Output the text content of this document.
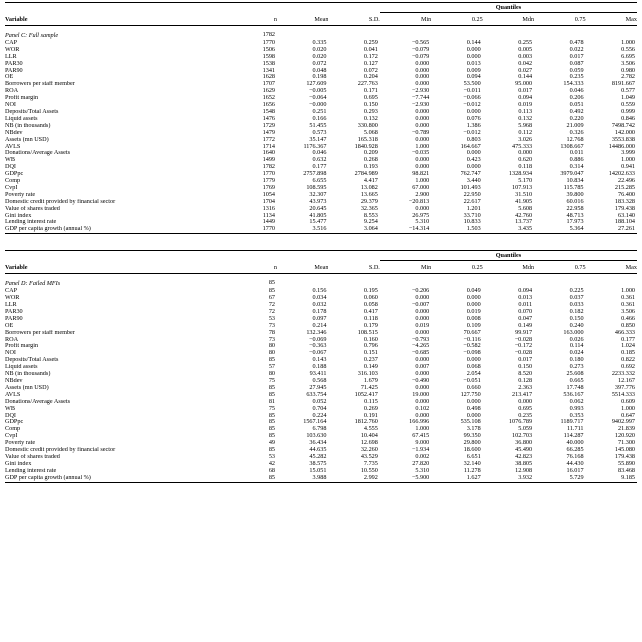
				Quantiles				
Variable	n	Mean	S.D.	Min	0.25	Mdn	0.75	Max

Panel C: Full sample	1782							
CAP	1770	0.335	0.259	−0.565	0.144	0.255	0.478	1.000
WOR	1506	0.020	0.041	−0.079	0.000	0.005	0.022	0.556
LLR	1598	0.020	0.172	−0.079	0.000	0.003	0.017	6.695
PAR30	1538	0.072	0.127	0.000	0.013	0.042	0.087	3.506
PAR90	1341	0.048	0.072	0.000	0.009	0.027	0.059	0.980
OE	1628	0.198	0.204	0.000	0.094	0.144	0.235	2.782
Borrowers per staff member	1707	127.609	227.763	0.000	53.500	95.000	154.333	8191.667
ROA	1629	−0.005	0.171	−2.930	−0.011	0.017	0.046	0.577
Profit margin	1652	−0.064	0.695	−7.744	−0.066	0.094	0.206	1.049
NOI	1656	−0.000	0.150	−2.930	−0.012	0.019	0.051	0.559
Deposits/Total Assets	1548	0.251	0.293	0.000	0.000	0.113	0.492	0.999
Liquid assets	1476	0.166	0.132	0.000	0.076	0.132	0.220	0.846
NB (in thousands)	1729	51.455	330.800	0.000	1.386	5.968	21.009	7498.742
NBdev	1479	0.573	5.068	−0.789	−0.012	0.112	0.326	142.000
Assets (mn USD)	1772	35.147	165.318	0.000	0.803	3.026	12.768	3553.838
AVLS	1714	1176.367	1840.928	1.000	164.667	475.333	1308.667	14486.000
Donations/Average Assets	1640	0.046	0.209	−0.035	0.000	0.000	0.011	3.999
WB	1499	0.632	0.268	0.000	0.423	0.620	0.886	1.000
DQI	1782	0.177	0.193	0.000	0.000	0.118	0.314	0.941
GDPpc	1770	2757.898	2784.989	98.821	762.747	1328.934	3979.047	14202.633
Comp	1779	6.655	4.417	1.000	3.440	5.170	10.834	22.496
CvpI	1769	108.595	13.082	67.000	101.493	107.913	115.785	215.285
Poverty rate	1054	32.307	13.665	2.900	22.950	31.510	39.800	76.400
Domestic credit provided by financial sector	1704	43.973	29.379	−20.813	22.617	41.905	60.016	183.328
Value of shares traded	1316	20.645	32.365	0.000	1.201	5.608	22.958	179.438
Gini index	1134	41.805	8.553	26.975	33.710	42.760	48.713	63.140
Lending interest rate	1449	15.477	9.254	5.310	10.833	13.737	17.973	188.104
GDP per capita growth (annual %)	1770	3.516	3.064	−14.314	1.503	3.435	5.364	27.261
				Quantiles				
Variable	n	Mean	S.D.	Min	0.25	Mdn	0.75	Max

Panel D: Failed MFIs	85							
CAP	85	0.156	0.195	−0.206	0.049	0.094	0.225	1.000
WOR	67	0.034	0.060	0.000	0.000	0.013	0.037	0.361
LLR	72	0.032	0.058	−0.007	0.000	0.011	0.033	0.361
PAR30	72	0.178	0.417	0.000	0.019	0.070	0.182	3.506
PAR90	53	0.097	0.118	0.000	0.008	0.047	0.150	0.466
OE	73	0.214	0.179	0.019	0.109	0.149	0.240	0.850
Borrowers per staff member	78	132.346	108.515	0.000	70.667	99.917	163.000	466.333
ROA	73	−0.069	0.160	−0.793	−0.116	−0.028	0.026	0.177
Profit margin	80	−0.363	0.796	−4.265	−0.582	−0.172	0.114	1.024
NOI	80	−0.067	0.151	−0.685	−0.098	−0.028	0.024	0.185
Deposits/Total Assets	85	0.143	0.237	0.000	0.000	0.017	0.180	0.822
Liquid assets	57	0.188	0.149	0.007	0.068	0.150	0.273	0.692
NB (in thousands)	80	93.411	316.103	0.000	2.054	8.520	25.608	2233.332
NBdev	75	0.568	1.679	−0.490	−0.051	0.128	0.665	12.167
Assets (mn USD)	85	27.945	71.425	0.000	0.660	2.363	17.748	397.776
AVLS	85	633.754	1052.417	19.000	127.750	213.417	536.167	5514.333
Donations/Average Assets	81	0.052	0.115	0.000	0.000	0.000	0.062	0.609
WB	75	0.704	0.269	0.102	0.498	0.695	0.993	1.000
DQI	85	0.224	0.191	0.000	0.000	0.235	0.353	0.647
GDPpc	85	1567.164	1812.760	166.996	535.108	1076.789	1189.717	9402.997
Comp	85	6.798	4.555	1.000	3.178	5.059	11.711	21.839
CvpI	85	103.630	10.404	67.415	99.350	102.703	114.287	120.920
Poverty rate	49	36.434	12.698	9.000	29.800	36.800	40.000	71.300
Domestic credit provided by financial sector	85	44.635	32.260	−1.934	18.600	45.490	66.285	145.080
Value of shares traded	53	45.282	43.529	0.002	6.651	42.823	76.168	179.438
Gini index	42	38.575	7.735	27.820	32.140	38.805	44.430	55.890
Lending interest rate	68	15.051	10.550	5.310	11.278	12.908	16.017	83.468
GDP per capita growth (annual %)	85	3.988	2.992	−5.900	1.627	3.932	5.729	9.185
